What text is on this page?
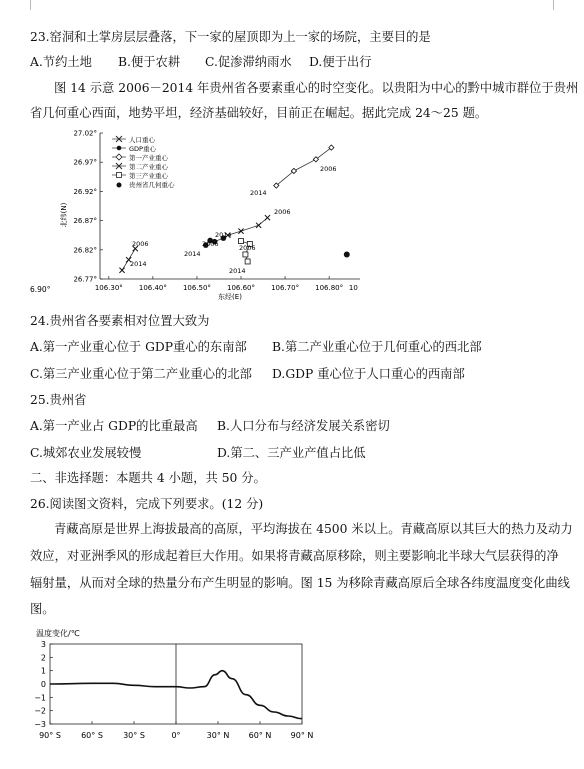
23.窑洞和土掌房层层叠落，下一家的屋顶即为上一家的场院，主要目的是
A.节约土地 B.便于农耕 C.促渗滞纳雨水 D.便于出行
图 14 示意 2006－2014 年贵州省各要素重心的时空变化。以贵阳为中心的黔中城市群位于贵州
省几何重心西面，地势平坦，经济基础较好，目前正在崛起。据此完成 24～25 题。
27.02°
26.97°
26.92°
26.87°
26.82°
26.77°
106.30° 106.40° 106.50° 106.60° 106.70° 106.80° 10
6.90°
东经(E)
北纬(N)
人口重心
GDP重心
第一产业重心
第二产业重心
第三产业重心
贵州省几何重心
2006
2014
2006
2014
2006
2014
2006
2014
2006
2014
24.贵州省各要素相对位置大致为
A.第一产业重心位于 GDP重心的东南部 B.第二产业重心位于几何重心的西北部
C.第三产业重心位于第二产业重心的北部 D.GDP 重心位于人口重心的西南部
25.贵州省
A.第一产业占 GDP的比重最高 B.人口分布与经济发展关系密切
C.城郊农业发展较慢	D.第二、三产业产值占比低
二、非选择题：本题共 4 小题，共 50 分。
26.阅读图文资料，完成下列要求。(12 分)
青藏高原是世界上海拔最高的高原，平均海拔在 4500 米以上。青藏高原以其巨大的热力及动力
效应，对亚洲季风的形成起着巨大作用。如果将青藏高原移除，则主要影响北半球大气层获得的净
辐射量，从而对全球的热量分布产生明显的影响。图 15 为移除青藏高原后全球各纬度温度变化曲线
图。
温度变化/℃
3
2
1
0
−1
−2
−3
90° S	60° S	30° S	0°	30° N 60° N 90° N
